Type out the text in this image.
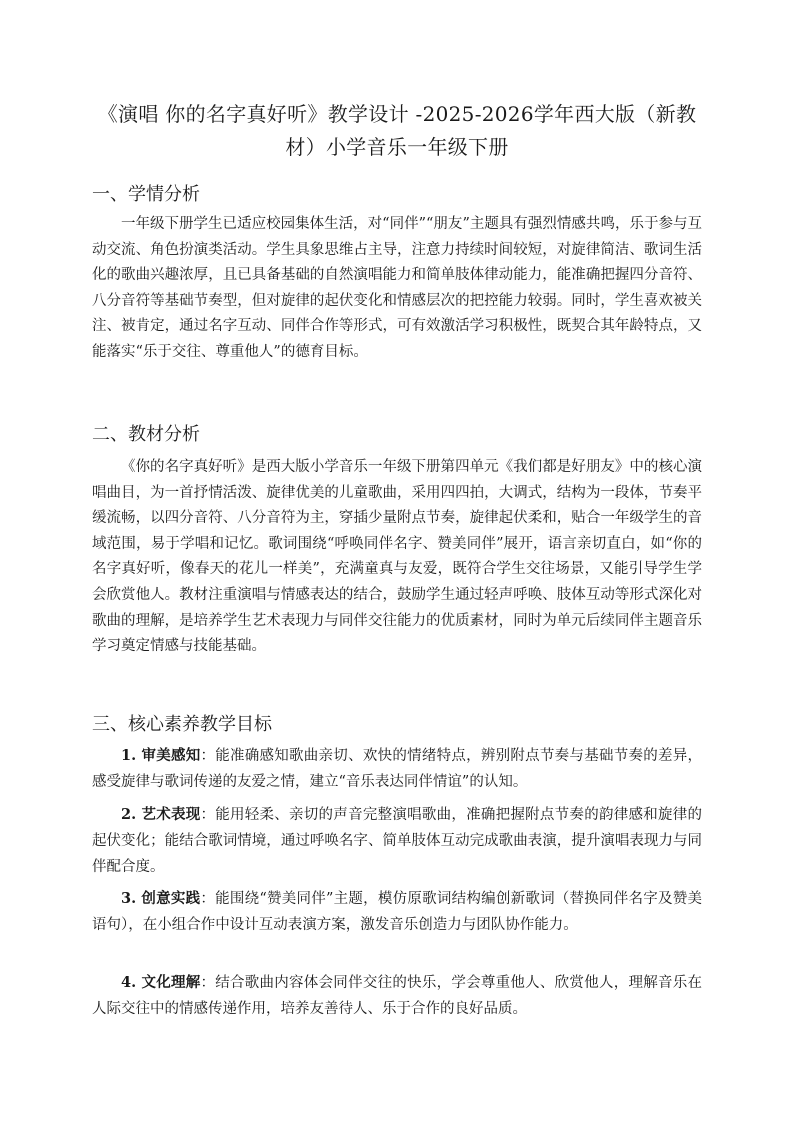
《演唱 你的名字真好听》教学设计 -2025-2026学年西大版（新教材）小学音乐一年级下册
一、学情分析

一年级下册学生已适应校园集体生活，对“同伴”“朋友”主题具有强烈情感共鸣，乐于参与互动交流、角色扮演类活动。学生具象思维占主导，注意力持续时间较短，对旋律简洁、歌词生活化的歌曲兴趣浓厚，且已具备基础的自然演唱能力和简单肢体律动能力，能准确把握四分音符、八分音符等基础节奏型，但对旋律的起伏变化和情感层次的把控能力较弱。同时，学生喜欢被关注、被肯定，通过名字互动、同伴合作等形式，可有效激活学习积极性，既契合其年龄特点，又能落实“乐于交往、尊重他人”的德育目标。

二、教材分析

《你的名字真好听》是西大版小学音乐一年级下册第四单元《我们都是好朋友》中的核心演唱曲目，为一首抒情活泼、旋律优美的儿童歌曲，采用四四拍，大调式，结构为一段体，节奏平缓流畅，以四分音符、八分音符为主，穿插少量附点节奏，旋律起伏柔和，贴合一年级学生的音域范围，易于学唱和记忆。歌词围绕“呼唤同伴名字、赞美同伴”展开，语言亲切直白，如“你的名字真好听，像春天的花儿一样美”，充满童真与友爱，既符合学生交往场景，又能引导学生学会欣赏他人。教材注重演唱与情感表达的结合，鼓励学生通过轻声呼唤、肢体互动等形式深化对歌曲的理解，是培养学生艺术表现力与同伴交往能力的优质素材，同时为单元后续同伴主题音乐学习奠定情感与技能基础。

三、核心素养教学目标

1. 审美感知：能准确感知歌曲亲切、欢快的情绪特点，辨别附点节奏与基础节奏的差异，感受旋律与歌词传递的友爱之情，建立“音乐表达同伴情谊”的认知。

2. 艺术表现：能用轻柔、亲切的声音完整演唱歌曲，准确把握附点节奏的韵律感和旋律的起伏变化；能结合歌词情境，通过呼唤名字、简单肢体互动完成歌曲表演，提升演唱表现力与同伴配合度。

3. 创意实践：能围绕“赞美同伴”主题，模仿原歌词结构编创新歌词（替换同伴名字及赞美语句），在小组合作中设计互动表演方案，激发音乐创造力与团队协作能力。

4. 文化理解：结合歌曲内容体会同伴交往的快乐，学会尊重他人、欣赏他人，理解音乐在人际交往中的情感传递作用，培养友善待人、乐于合作的良好品质。
